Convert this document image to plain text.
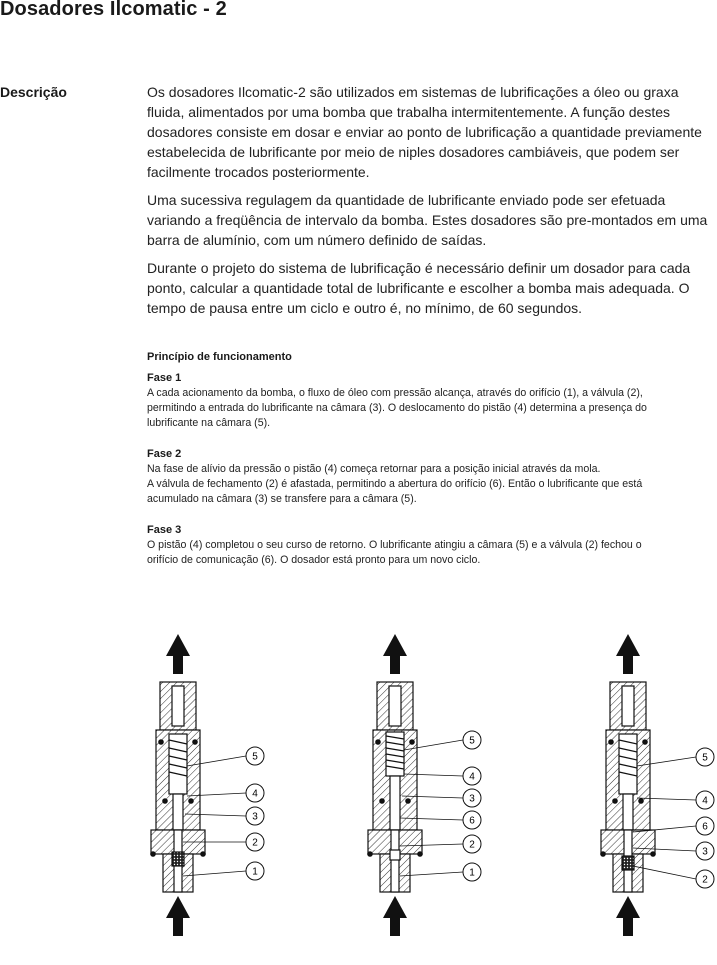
Dosadores Ilcomatic - 2
Descrição	Os dosadores Ilcomatic-2 são utilizados em sistemas de lubrificações a óleo ou graxa fluida, alimentados por uma bomba que trabalha intermitentemente. A função destes dosadores consiste em dosar e enviar ao ponto de lubrificação a quantidade previamente estabelecida de lubrificante por meio de niples dosadores cambiáveis, que podem ser facilmente trocados posteriormente.

Uma sucessiva regulagem da quantidade de lubrificante enviado pode ser efetuada variando a freqüência de intervalo da bomba. Estes dosadores são pre-montados em uma barra de alumínio, com um número definido de saídas.

Durante o projeto do sistema de lubrificação é necessário definir um dosador para cada ponto, calcular a quantidade total de lubrificante e escolher a bomba mais adequada. O tempo de pausa entre um ciclo e outro é, no mínimo, de 60 segundos.

Princípio de funcionamento
Fase 1

A cada acionamento da bomba, o fluxo de óleo com pressão alcança, através do orifício (1), a válvula (2),

permitindo a entrada do lubrificante na câmara (3). O deslocamento do pistão (4) determina a presença do

lubrificante na câmara (5).

Fase 2

Na fase de alívio da pressão o pistão (4) começa retornar para a posição inicial através da mola.

A válvula de fechamento (2) é afastada, permitindo a abertura do orifício (6). Então o lubrificante que está

acumulado na câmara (3) se transfere para a câmara (5).

Fase 3

O pistão (4) completou o seu curso de retorno. O lubrificante atingiu a câmara (5) e a válvula (2) fechou o

orifício de comunicação (6). O dosador está pronto para um novo ciclo.

5
4
3
2
1
5
4
3
6
2
1
5
4
6
3
2
